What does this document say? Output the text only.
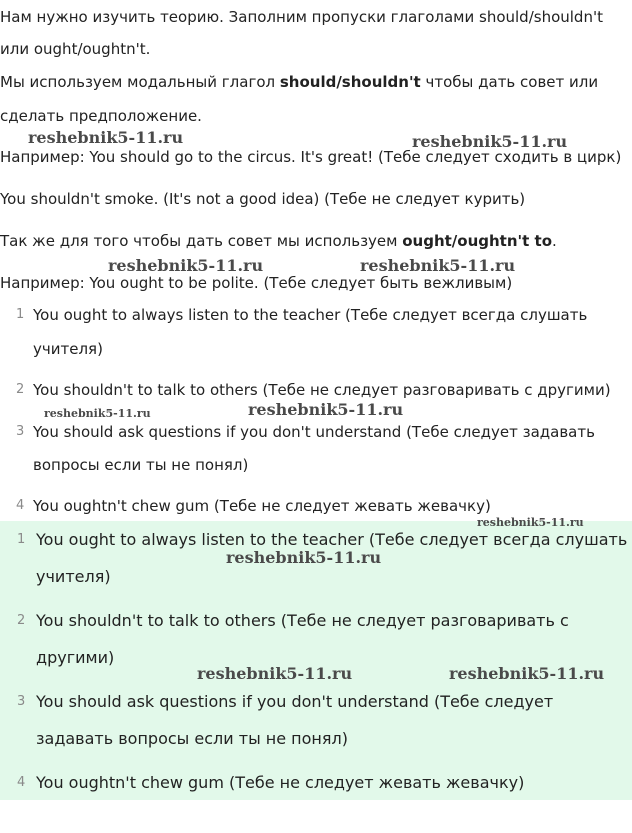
Нам нужно изучить теорию. Заполним пропуски глаголами should/shouldn't
или ought/oughtn't.
Мы используем модальный глагол should/shouldn't чтобы дать совет или
сделать предположение.
Например: You should go to the circus. It's great! (Тебе следует сходить в цирк)
You shouldn't smoke. (It's not a good idea) (Тебе не следует курить)
Так же для того чтобы дать совет мы используем ought/oughtn't to.
Например: You ought to be polite. (Тебе следует быть вежливым)
1 You ought to always listen to the teacher (Тебе следует всегда слушать
учителя)
2 You shouldn't to talk to others (Тебе не следует разговаривать с другими)
3 You should ask questions if you don't understand (Тебе следует задавать
вопросы если ты не понял)
4 You oughtn't chew gum (Тебе не следует жевать жевачку)
1 You ought to always listen to the teacher (Тебе следует всегда слушать
учителя)
2 You shouldn't to talk to others (Тебе не следует разговаривать с
другими)
3 You should ask questions if you don't understand (Тебе следует
задавать вопросы если ты не понял)
4 You oughtn't chew gum (Тебе не следует жевать жевачку)
reshebnik5-11.ru	reshebnik5-11.ru
reshebnik5-11.ru	reshebnik5-11.ru
reshebnik5-11.ru	reshebnik5-11.ru
reshebnik5-11.ru
reshebnik5-11.ru
reshebnik5-11.ru	reshebnik5-11.ru
